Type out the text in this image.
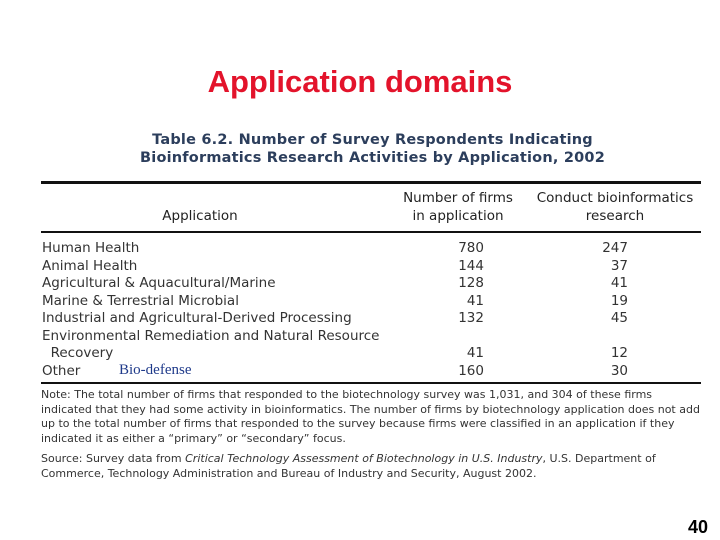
Application domains
Table 6.2. Number of Survey Respondents Indicating
Bioinformatics Research Activities by Application, 2002
Application
Number of firms in application
Conduct bioinformatics research
Human Health	780	247
Animal Health	144	37
Agricultural & Aquacultural/Marine	128	41
Marine & Terrestrial Microbial	41	19
Industrial and Agricultural-Derived Processing	132	45
Environmental Remediation and Natural Resource
Recovery	41	12
Other	160	30
Bio-defense
Note: The total number of firms that responded to the biotechnology survey was 1,031, and 304 of these firms indicated that they had some activity in bioinformatics. The number of firms by biotechnology application does not add up to the total number of firms that responded to the survey because firms were classified in an application if they indicated it as either a “primary” or “secondary” focus.
Source: Survey data from Critical Technology Assessment of Biotechnology in U.S. Industry, U.S. Department of Commerce, Technology Administration and Bureau of Industry and Security, August 2002.
40
